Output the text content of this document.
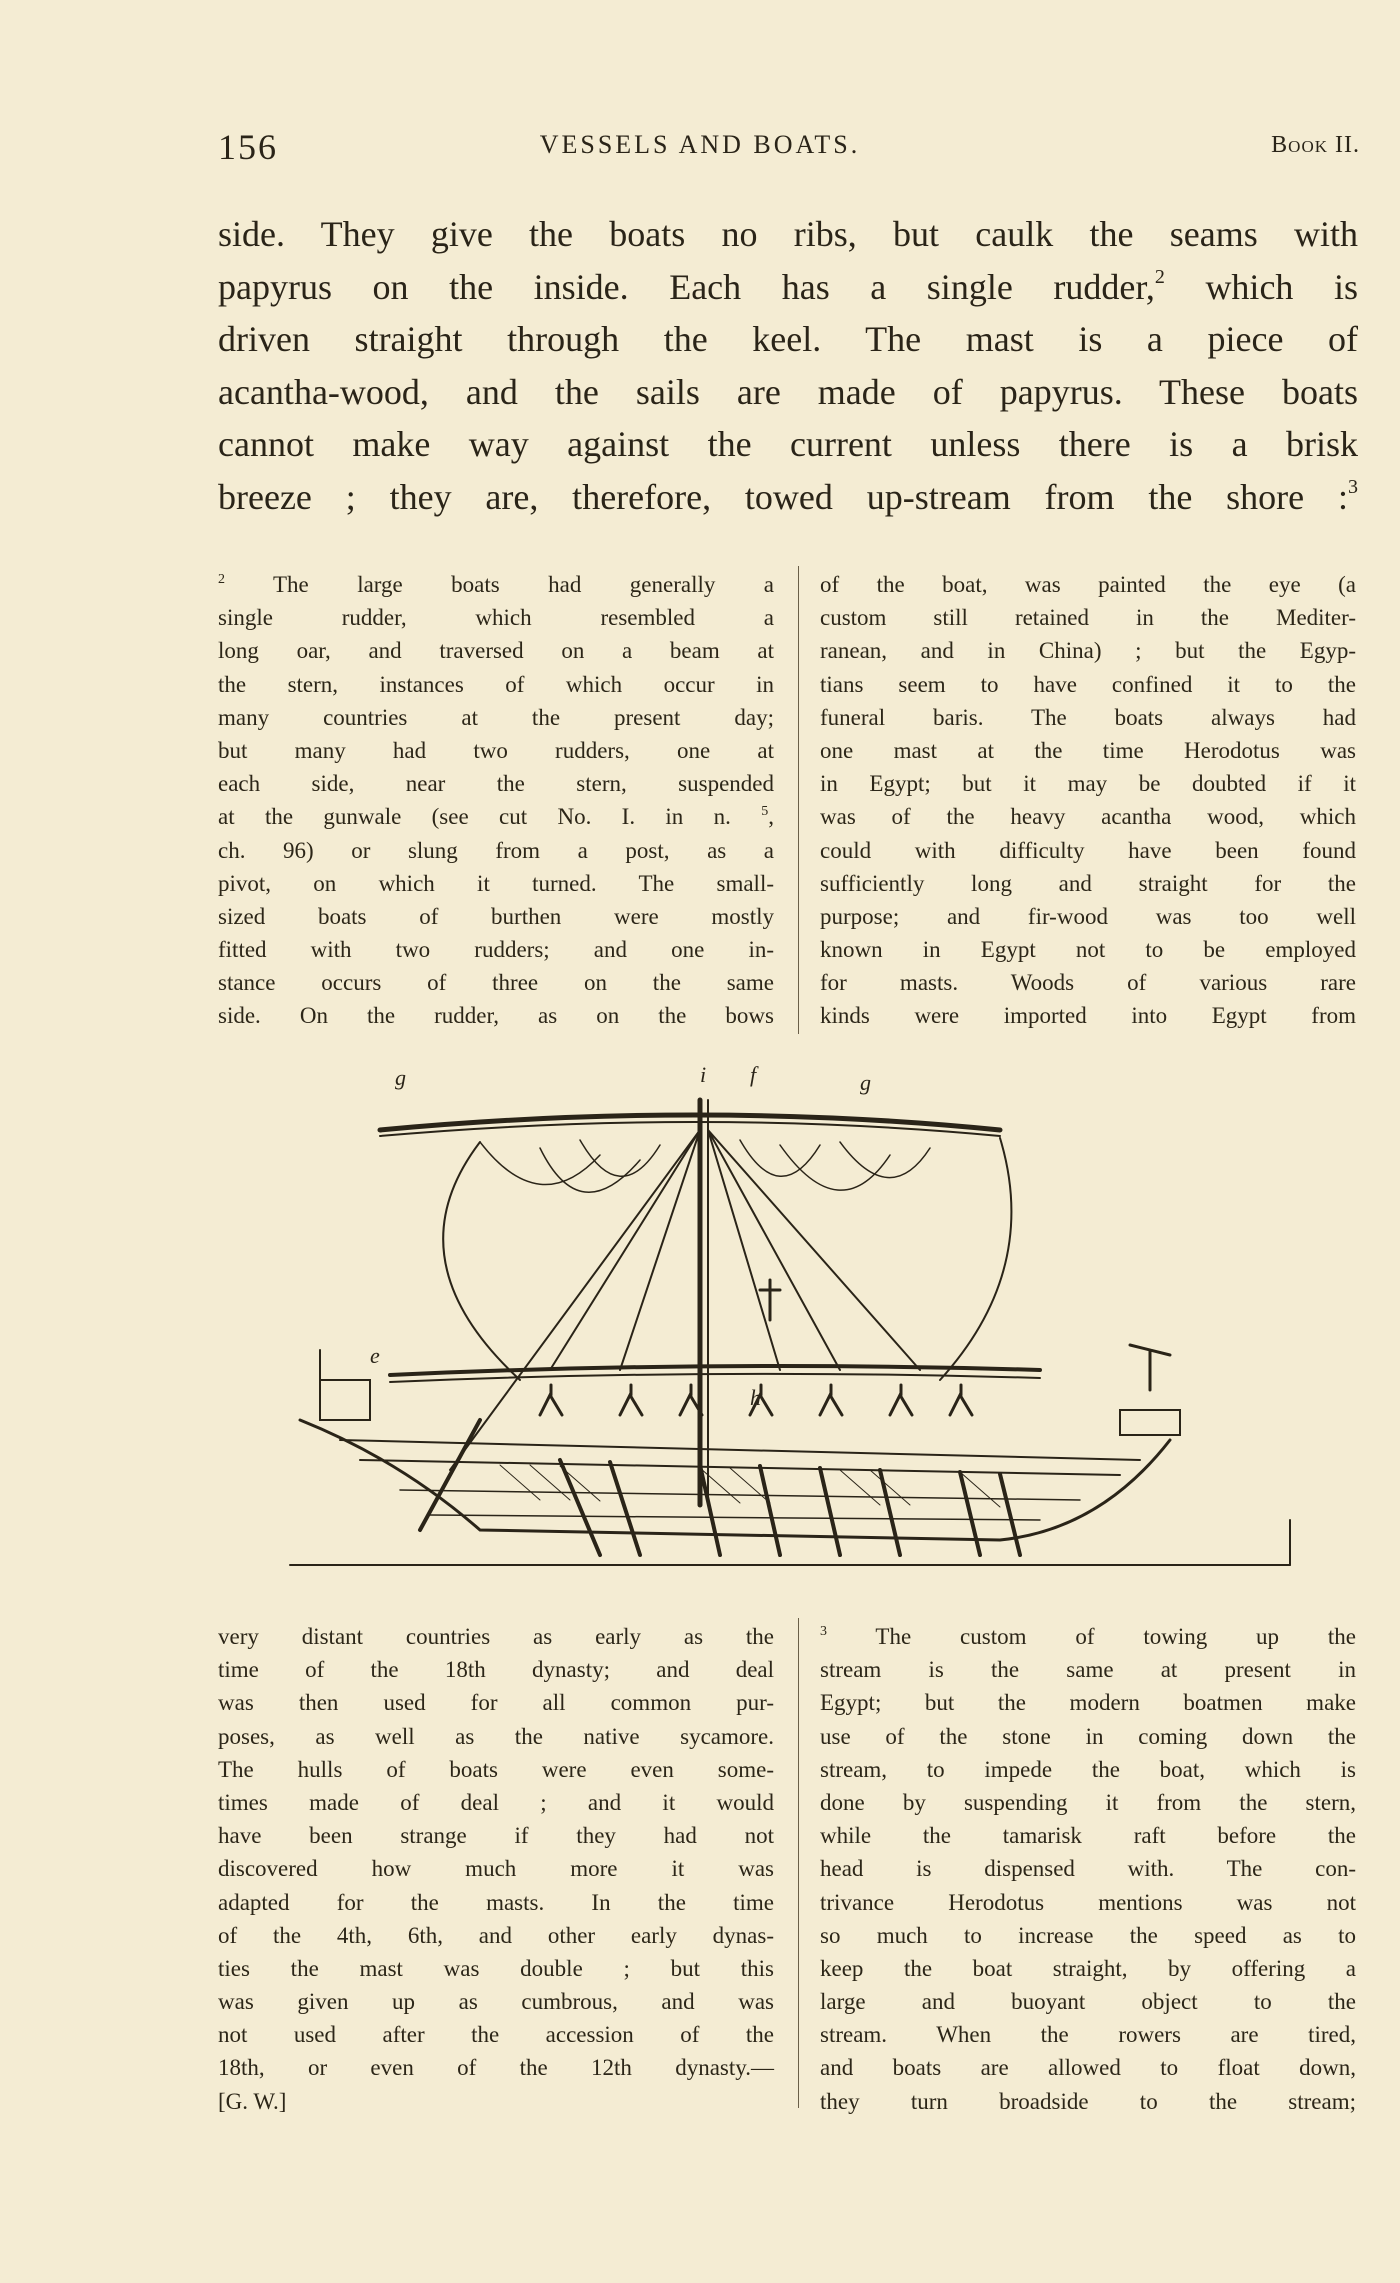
156	VESSELS AND BOATS.	Book II.
side. They give the boats no ribs, but caulk the seams with
papyrus on the inside. Each has a single rudder,$^2$ which is
driven straight through the keel. The mast is a piece of
acantha-wood, and the sails are made of papyrus. These boats
cannot make way against the current unless there is a brisk
breeze ; they are, therefore, towed up-stream from the shore :$^3$
$^2$ The large boats had generally a
single rudder, which resembled a
long oar, and traversed on a beam at
the stern, instances of which occur in
many countries at the present day;
but many had two rudders, one at
each side, near the stern, suspended
at the gunwale (see cut No. I. in n. $^5$,
ch. 96) or slung from a post, as a
pivot, on which it turned. The small-
sized boats of burthen were mostly
fitted with two rudders; and one in-
stance occurs of three on the same
side. On the rudder, as on the bows
of the boat, was painted the eye (a
custom still retained in the Mediter-
ranean, and in China) ; but the Egyp-
tians seem to have confined it to the
funeral baris. The boats always had
one mast at the time Herodotus was
in Egypt; but it may be doubted if it
was of the heavy acantha wood, which
could with difficulty have been found
sufficiently long and straight for the
purpose; and fir-wood was too well
known in Egypt not to be employed
for masts. Woods of various rare
kinds were imported into Egypt from
g	i f	g
e
h
very distant countries as early as the
time of the 18th dynasty; and deal
was then used for all common pur-
poses, as well as the native sycamore.
The hulls of boats were even some-
times made of deal ; and it would
have been strange if they had not
discovered how much more it was
adapted for the masts. In the time
of the 4th, 6th, and other early dynas-
ties the mast was double ; but this
was given up as cumbrous, and was
not used after the accession of the
18th, or even of the 12th dynasty.—
[G. W.]
$^3$ The custom of towing up the
stream is the same at present in
Egypt; but the modern boatmen make
use of the stone in coming down the
stream, to impede the boat, which is
done by suspending it from the stern,
while the tamarisk raft before the
head is dispensed with. The con-
trivance Herodotus mentions was not
so much to increase the speed as to
keep the boat straight, by offering a
large and buoyant object to the
stream. When the rowers are tired,
and boats are allowed to float down,
they turn broadside to the stream;
